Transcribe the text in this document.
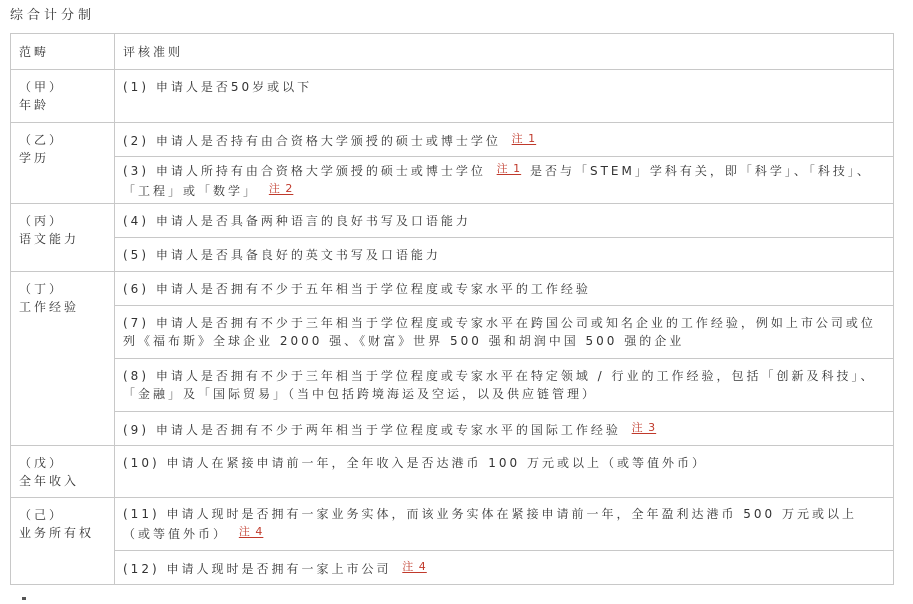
综合计分制
范畴	评核准则

（甲）
年龄	(1) 申请人是否50岁或以下

（乙）
学历	(2) 申请人是否持有由合资格大学颁授的硕士或博士学位 注 1
	(3) 申请人所持有由合资格大学颁授的硕士或博士学位 注 1 是否与「STEM」学科有关，即「科学」、「科技」、「工程」或「数学」 注 2

（丙）
语文能力	(4) 申请人是否具备两种语言的良好书写及口语能力
	(5) 申请人是否具备良好的英文书写及口语能力

（丁）
工作经验	(6) 申请人是否拥有不少于五年相当于学位程度或专家水平的工作经验
	(7) 申请人是否拥有不少于三年相当于学位程度或专家水平在跨国公司或知名企业的工作经验，例如上市公司或位列《福布斯》全球企业 2000 强、《财富》世界 500 强和胡润中国 500 强的企业
	(8) 申请人是否拥有不少于三年相当于学位程度或专家水平在特定领域 / 行业的工作经验，包括「创新及科技」、「金融」及「国际贸易」（当中包括跨境海运及空运，以及供应链管理）
	(9) 申请人是否拥有不少于两年相当于学位程度或专家水平的国际工作经验 注 3

（戊）
全年收入	(10) 申请人在紧接申请前一年，全年收入是否达港币 100 万元或以上（或等值外币）

（己）
业务所有权	(11) 申请人现时是否拥有一家业务实体，而该业务实体在紧接申请前一年，全年盈利达港币 500 万元或以上（或等值外币） 注 4
	(12) 申请人现时是否拥有一家上市公司 注 4
